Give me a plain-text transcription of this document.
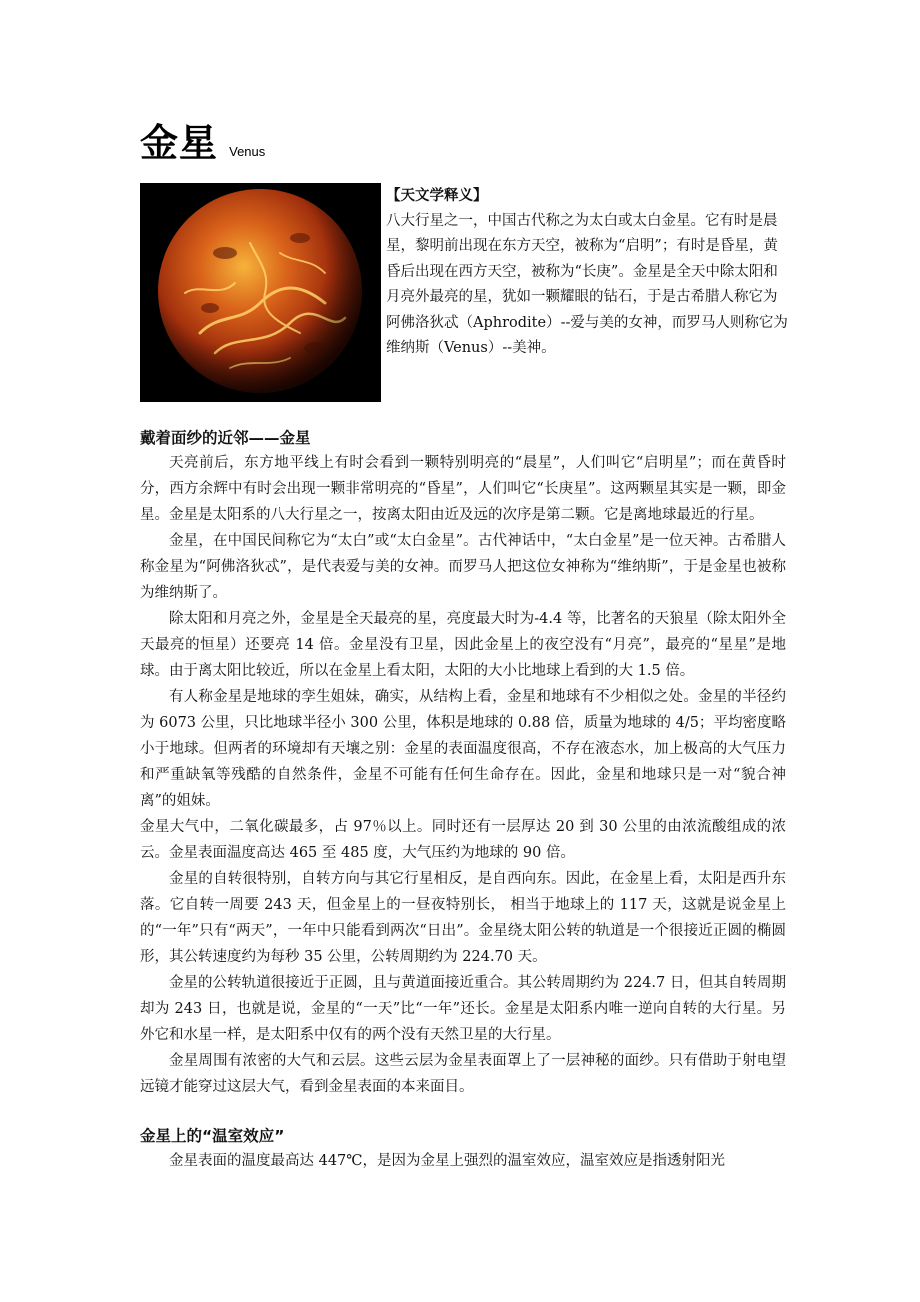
金星 Venus
【天文学释义】
八大行星之一，中国古代称之为太白或太白金星。它有时是晨星，黎明前出现在东方天空，被称为“启明”；有时是昏星，黄昏后出现在西方天空，被称为“长庚”。金星是全天中除太阳和月亮外最亮的星，犹如一颗耀眼的钻石，于是古希腊人称它为阿佛洛狄忒（Aphrodite）--爱与美的女神，而罗马人则称它为维纳斯（Venus）--美神。
戴着面纱的近邻——金星

天亮前后，东方地平线上有时会看到一颗特别明亮的“晨星”，人们叫它“启明星”；而在黄昏时分，西方余辉中有时会出现一颗非常明亮的“昏星”，人们叫它“长庚星”。这两颗星其实是一颗，即金星。金星是太阳系的八大行星之一，按离太阳由近及远的次序是第二颗。它是离地球最近的行星。

金星，在中国民间称它为“太白”或“太白金星”。古代神话中，“太白金星”是一位天神。古希腊人称金星为“阿佛洛狄忒”，是代表爱与美的女神。而罗马人把这位女神称为“维纳斯”，于是金星也被称为维纳斯了。

除太阳和月亮之外，金星是全天最亮的星，亮度最大时为-4.4 等，比著名的天狼星（除太阳外全天最亮的恒星）还要亮 14 倍。金星没有卫星，因此金星上的夜空没有“月亮”，最亮的“星星”是地球。由于离太阳比较近，所以在金星上看太阳，太阳的大小比地球上看到的大 1.5 倍。

有人称金星是地球的孪生姐妹，确实，从结构上看，金星和地球有不少相似之处。金星的半径约为 6073 公里，只比地球半径小 300 公里，体积是地球的 0.88 倍，质量为地球的 4/5；平均密度略小于地球。但两者的环境却有天壤之别：金星的表面温度很高，不存在液态水，加上极高的大气压力和严重缺氧等残酷的自然条件，金星不可能有任何生命存在。因此，金星和地球只是一对“貌合神离”的姐妹。

金星大气中，二氧化碳最多，占 97％以上。同时还有一层厚达 20 到 30 公里的由浓流酸组成的浓云。金星表面温度高达 465 至 485 度，大气压约为地球的 90 倍。

金星的自转很特别，自转方向与其它行星相反，是自西向东。因此，在金星上看，太阳是西升东落。它自转一周要 243 天，但金星上的一昼夜特别长， 相当于地球上的 117 天，这就是说金星上的“一年”只有“两天”，一年中只能看到两次“日出”。金星绕太阳公转的轨道是一个很接近正圆的椭圆形，其公转速度约为每秒 35 公里，公转周期约为 224.70 天。

金星的公转轨道很接近于正圆，且与黄道面接近重合。其公转周期约为 224.7 日，但其自转周期却为 243 日，也就是说，金星的“一天”比“一年”还长。金星是太阳系内唯一逆向自转的大行星。另外它和水星一样，是太阳系中仅有的两个没有天然卫星的大行星。

金星周围有浓密的大气和云层。这些云层为金星表面罩上了一层神秘的面纱。只有借助于射电望远镜才能穿过这层大气，看到金星表面的本来面目。

金星上的“温室效应”

金星表面的温度最高达 447℃，是因为金星上强烈的温室效应，温室效应是指透射阳光
